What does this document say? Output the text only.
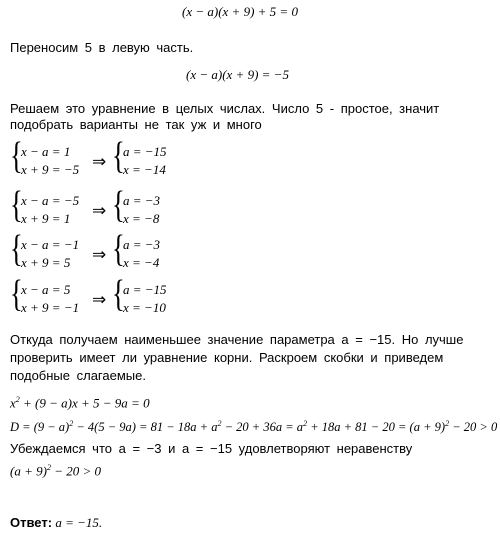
(x − a)(x + 9) + 5 = 0
Переносим 5 в левую часть.
(x − a)(x + 9) = −5
Решаем это уравнение в целых числах. Число 5 - простое, значит
подобрать варианты не так уж и много
{
x − a = 1
x + 9 = −5 ⇒ {
a = −15
x = −14
{
x − a = −5
x + 9 = 1 ⇒ {
a = −3
x = −8
{
x − a = −1
x + 9 = 5 ⇒ {
a = −3
x = −4
{
x − a = 5
x + 9 = −1 ⇒ {
a = −15
x = −10
Откуда получаем наименьшее значение параметра a = −15. Но лучше
проверить имеет ли уравнение корни. Раскроем скобки и приведем
подобные слагаемые.
$x^2 + (9 - a)x + 5 - 9a = 0$
$D = (9 - a)^2 - 4(5 - 9a) = 81 - 18a + a^2 - 20 + 36a = a^2 + 18a + 81 - 20 = (a + 9)^2 - 20 > 0$
Убеждаемся что a = −3 и a = −15 удовлетворяют неравенству
$(a + 9)^2 - 20 > 0$
Ответ: a = −15.
